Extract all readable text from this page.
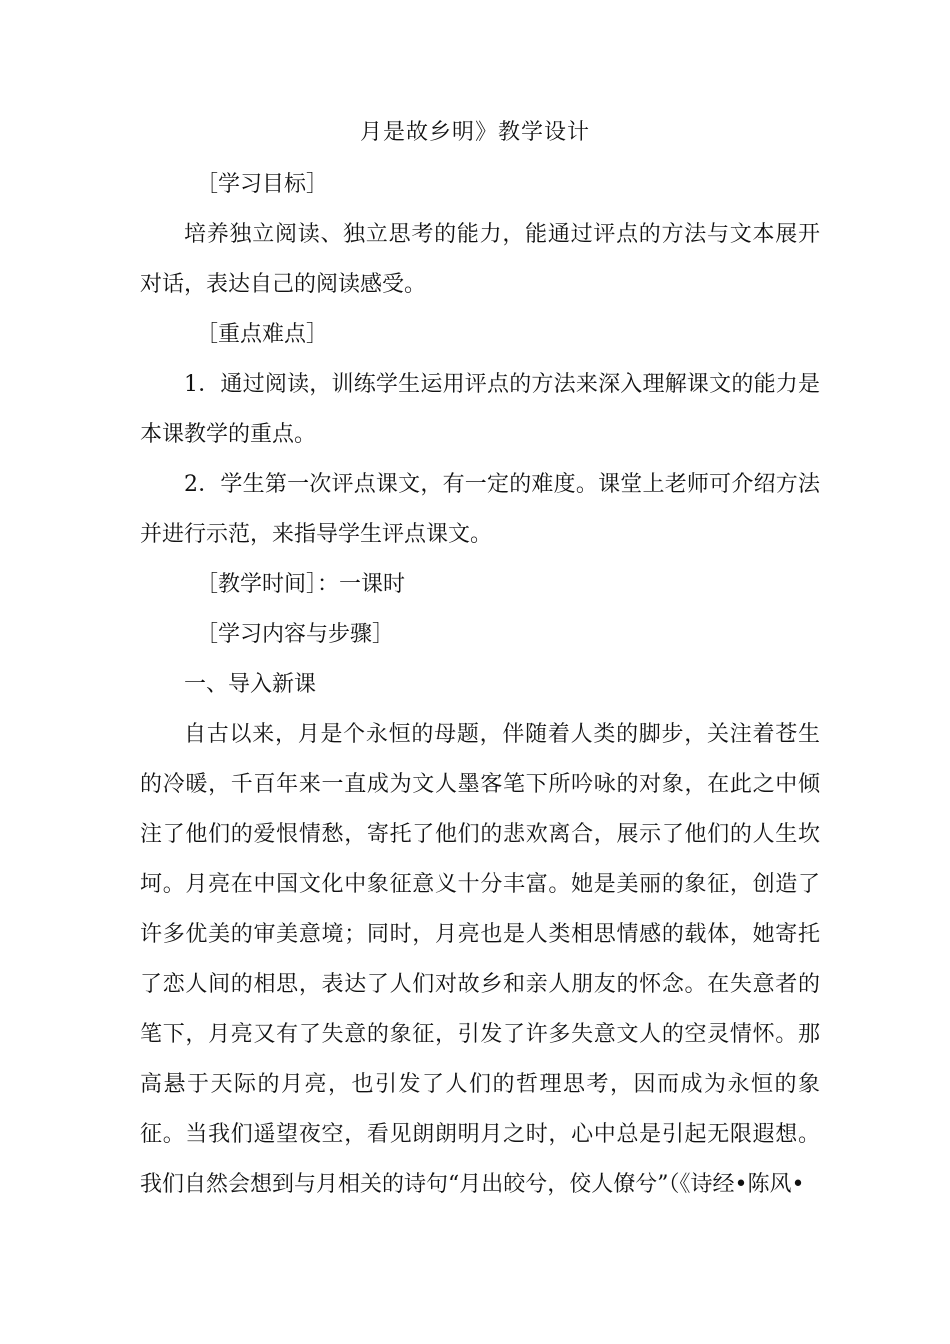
月是故乡明》教学设计

［学习目标］

培养独立阅读、独立思考的能力，能通过评点的方法与文本展开对话，表达自己的阅读感受。

［重点难点］

1．通过阅读，训练学生运用评点的方法来深入理解课文的能力是本课教学的重点。

2．学生第一次评点课文，有一定的难度。课堂上老师可介绍方法并进行示范，来指导学生评点课文。

［教学时间］：一课时

［学习内容与步骤］

一、导入新课

自古以来，月是个永恒的母题，伴随着人类的脚步，关注着苍生的冷暖，千百年来一直成为文人墨客笔下所吟咏的对象，在此之中倾注了他们的爱恨情愁，寄托了他们的悲欢离合，展示了他们的人生坎坷。月亮在中国文化中象征意义十分丰富。她是美丽的象征，创造了许多优美的审美意境；同时，月亮也是人类相思情感的载体，她寄托了恋人间的相思，表达了人们对故乡和亲人朋友的怀念。在失意者的笔下，月亮又有了失意的象征，引发了许多失意文人的空灵情怀。那高悬于天际的月亮，也引发了人们的哲理思考，因而成为永恒的象征。当我们遥望夜空，看见朗朗明月之时，心中总是引起无限遐想。我们自然会想到与月相关的诗句“月出皎兮，佼人僚兮”（《诗经•陈风•
